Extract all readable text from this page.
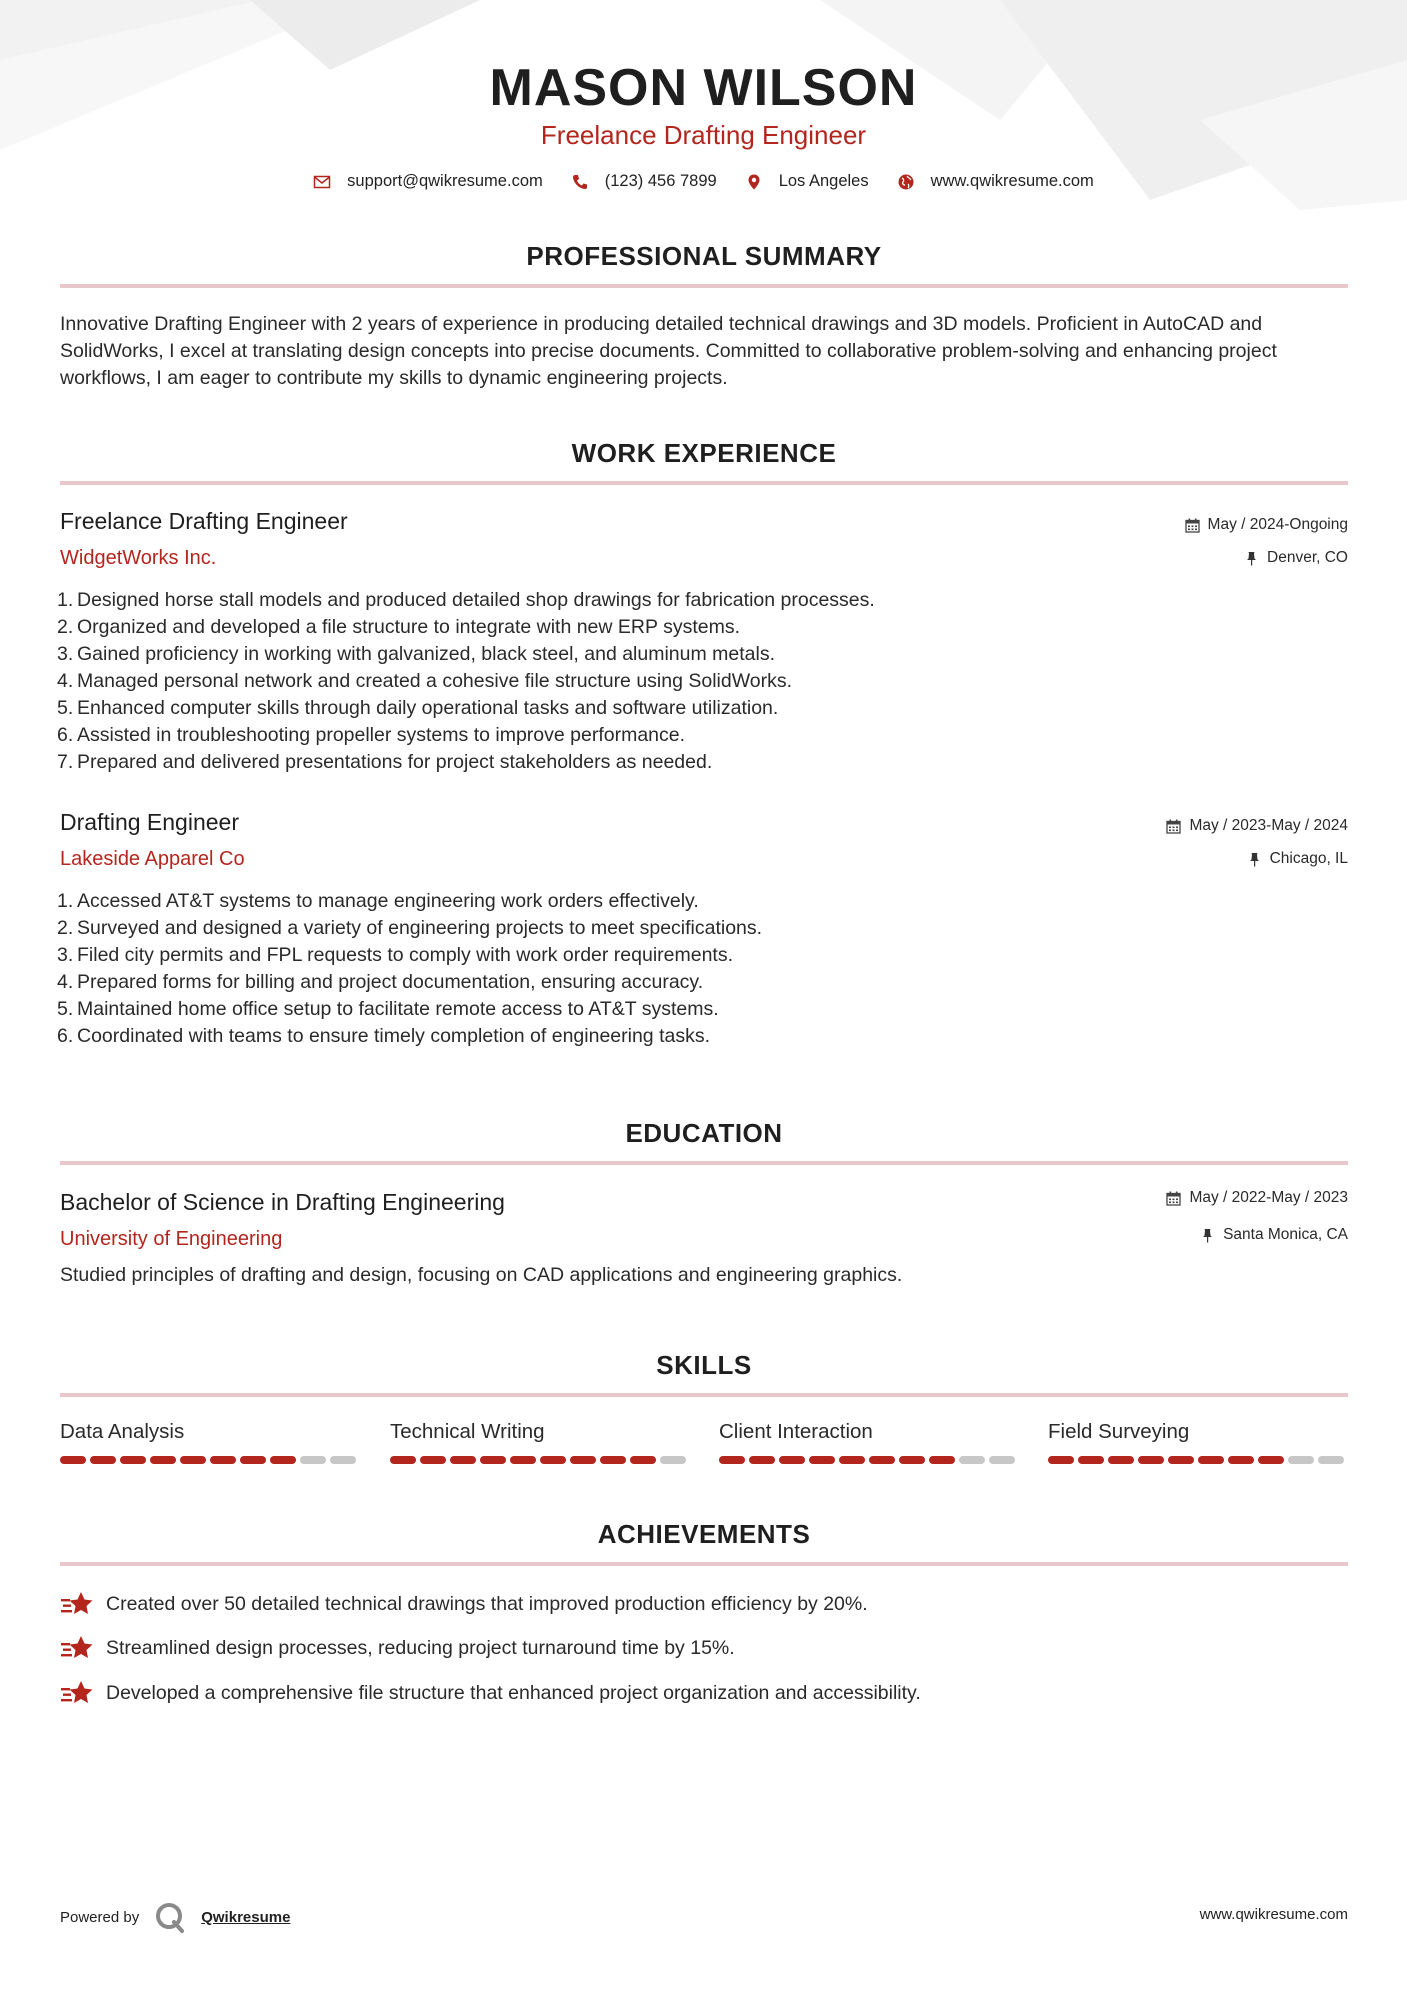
MASON WILSON
Freelance Drafting Engineer
support@qwikresume.com	(123) 456 7899	Los Angeles	www.qwikresume.com
PROFESSIONAL SUMMARY
Innovative Drafting Engineer with 2 years of experience in producing detailed technical drawings and 3D models. Proficient in AutoCAD and SolidWorks, I excel at translating design concepts into precise documents. Committed to collaborative problem-solving and enhancing project workflows, I am eager to contribute my skills to dynamic engineering projects.
WORK EXPERIENCE
Freelance Drafting Engineer
WidgetWorks Inc.
May / 2024-Ongoing
Denver, CO
1. Designed horse stall models and produced detailed shop drawings for fabrication processes.
2. Organized and developed a file structure to integrate with new ERP systems.
3. Gained proficiency in working with galvanized, black steel, and aluminum metals.
4. Managed personal network and created a cohesive file structure using SolidWorks.
5. Enhanced computer skills through daily operational tasks and software utilization.
6. Assisted in troubleshooting propeller systems to improve performance.
7. Prepared and delivered presentations for project stakeholders as needed.
Drafting Engineer
Lakeside Apparel Co
May / 2023-May / 2024
Chicago, IL
1. Accessed AT&T systems to manage engineering work orders effectively.
2. Surveyed and designed a variety of engineering projects to meet specifications.
3. Filed city permits and FPL requests to comply with work order requirements.
4. Prepared forms for billing and project documentation, ensuring accuracy.
5. Maintained home office setup to facilitate remote access to AT&T systems.
6. Coordinated with teams to ensure timely completion of engineering tasks.
EDUCATION
Bachelor of Science in Drafting Engineering
University of Engineering
May / 2022-May / 2023
Santa Monica, CA
Studied principles of drafting and design, focusing on CAD applications and engineering graphics.
SKILLS
Data Analysis	Technical Writing	Client Interaction	Field Surveying
ACHIEVEMENTS
Created over 50 detailed technical drawings that improved production efficiency by 20%.
Streamlined design processes, reducing project turnaround time by 15%.
Developed a comprehensive file structure that enhanced project organization and accessibility.
Powered by	Qwikresume	www.qwikresume.com
